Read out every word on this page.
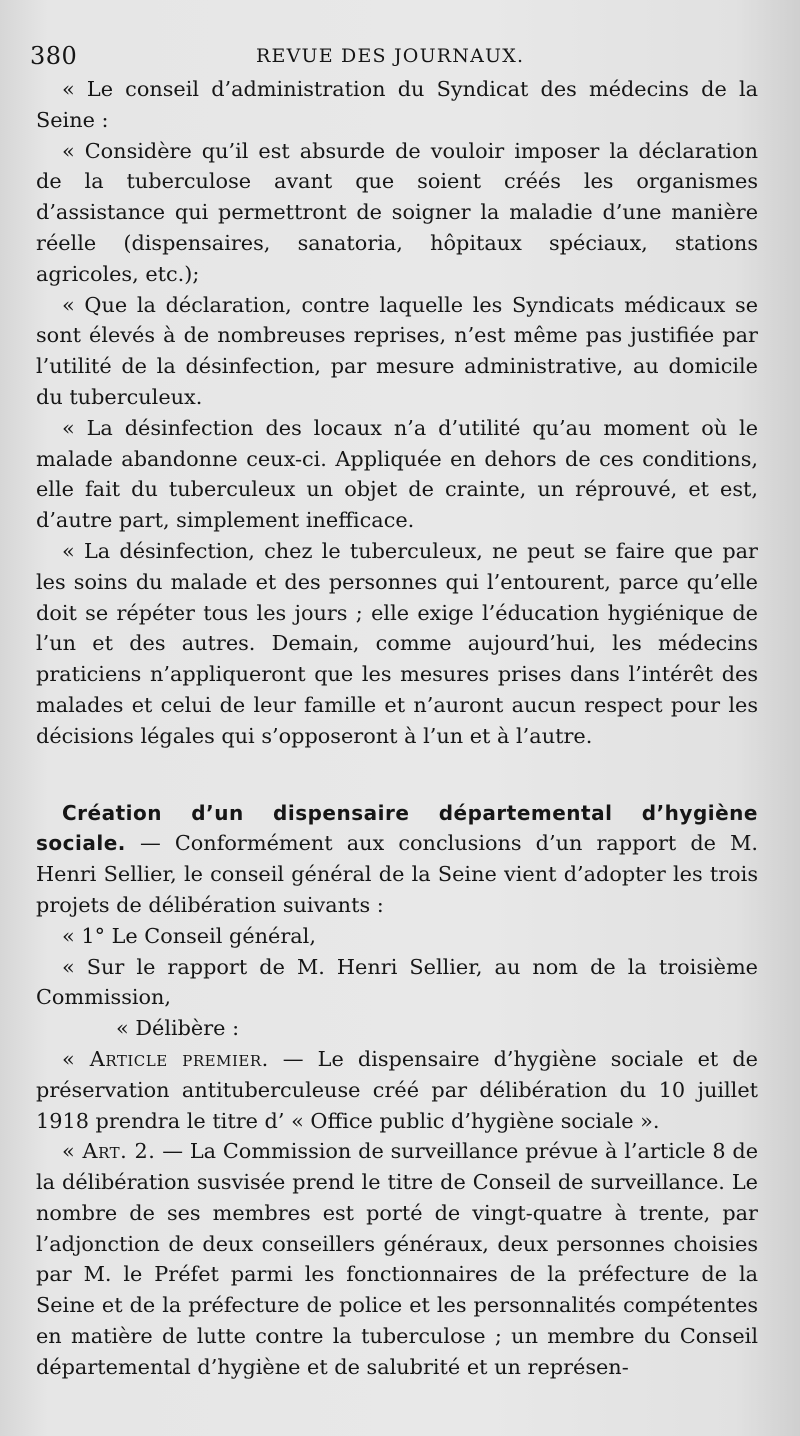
380	REVUE DES JOURNAUX.

« Le conseil d’administration du Syndicat des médecins de la Seine :

« Considère qu’il est absurde de vouloir imposer la déclaration de la tuberculose avant que soient créés les organismes d’assistance qui permettront de soigner la maladie d’une manière réelle (dispensaires, sanatoria, hôpitaux spéciaux, stations agricoles, etc.);

« Que la déclaration, contre laquelle les Syndicats médicaux se sont élevés à de nombreuses reprises, n’est même pas justifiée par l’utilité de la désinfection, par mesure administrative, au domicile du tuberculeux.

« La désinfection des locaux n’a d’utilité qu’au moment où le malade abandonne ceux-ci. Appliquée en dehors de ces conditions, elle fait du tuberculeux un objet de crainte, un réprouvé, et est, d’autre part, simplement inefficace.

« La désinfection, chez le tuberculeux, ne peut se faire que par les soins du malade et des personnes qui l’entourent, parce qu’elle doit se répéter tous les jours ; elle exige l’éducation hygiénique de l’un et des autres. Demain, comme aujourd’hui, les médecins praticiens n’appliqueront que les mesures prises dans l’intérêt des malades et celui de leur famille et n’auront aucun respect pour les décisions légales qui s’opposeront à l’un et à l’autre.

Création d’un dispensaire départemental d’hygiène sociale. — Conformément aux conclusions d’un rapport de M. Henri Sellier, le conseil général de la Seine vient d’adopter les trois projets de délibération suivants :

« 1° Le Conseil général,

« Sur le rapport de M. Henri Sellier, au nom de la troisième Commission,

« Délibère :

« Article premier. — Le dispensaire d’hygiène sociale et de préservation antituberculeuse créé par délibération du 10 juillet 1918 prendra le titre d’ « Office public d’hygiène sociale ».

« Art. 2. — La Commission de surveillance prévue à l’article 8 de la délibération susvisée prend le titre de Conseil de surveillance. Le nombre de ses membres est porté de vingt-quatre à trente, par l’adjonction de deux conseillers généraux, deux personnes choisies par M. le Préfet parmi les fonctionnaires de la préfecture de la Seine et de la préfecture de police et les personnalités compétentes en matière de lutte contre la tuberculose ; un membre du Conseil départemental d’hygiène et de salubrité et un représen-
